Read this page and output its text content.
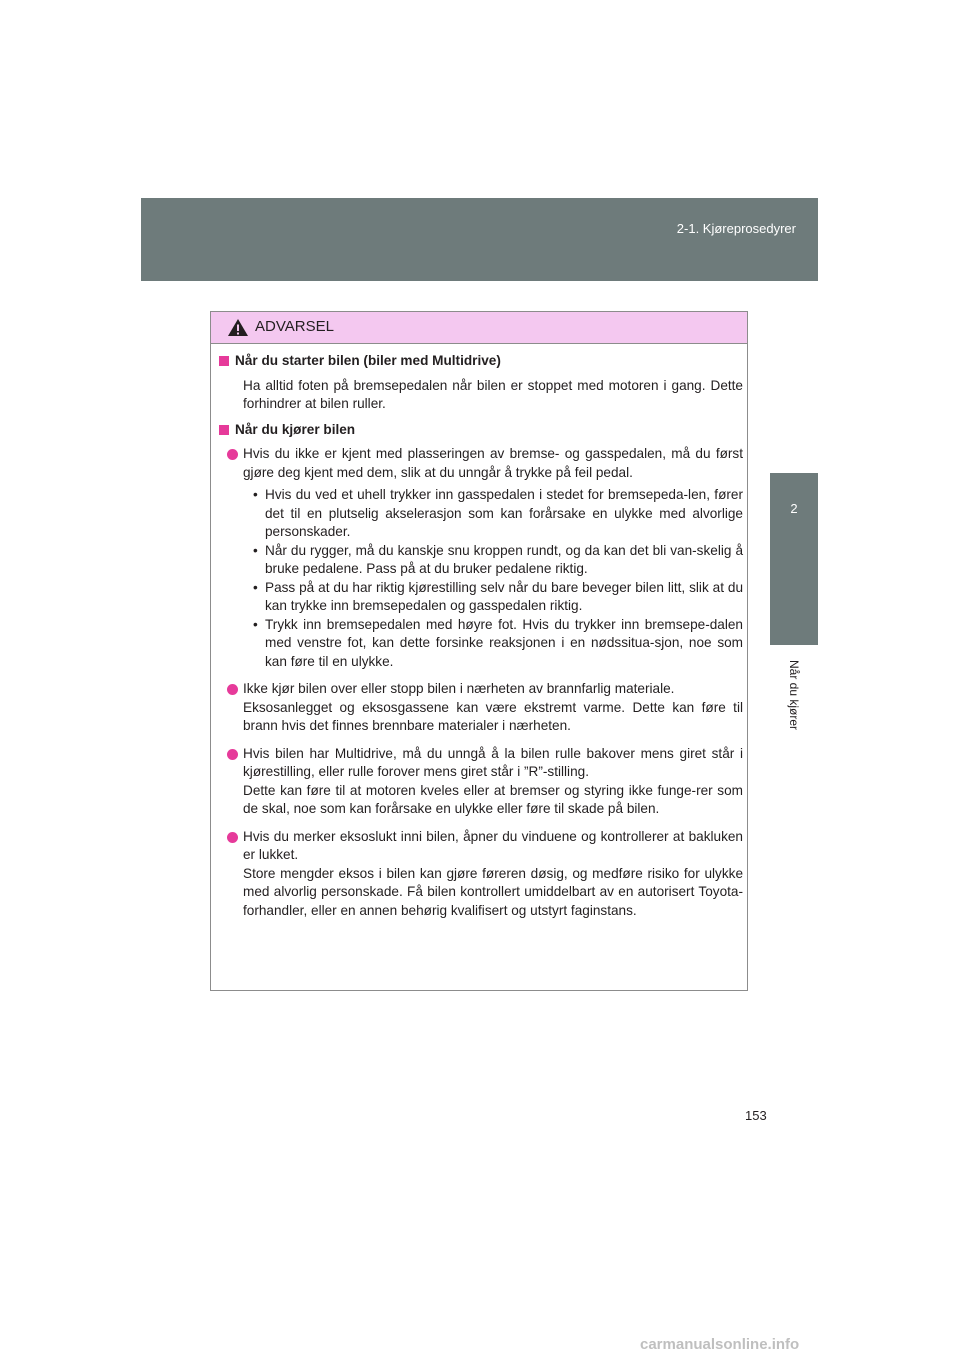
2-1. Kjøreprosedyrer
2
Når du kjører
ADVARSEL
Når du starter bilen (biler med Multidrive)
Ha alltid foten på bremsepedalen når bilen er stoppet med motoren i gang. Dette forhindrer at bilen ruller.
Når du kjører bilen
Hvis du ikke er kjent med plasseringen av bremse- og gasspedalen, må du først gjøre deg kjent med dem, slik at du unngår å trykke på feil pedal.
• Hvis du ved et uhell trykker inn gasspedalen i stedet for bremsepeda-len, fører det til en plutselig akselerasjon som kan forårsake en ulykke med alvorlige personskader.
• Når du rygger, må du kanskje snu kroppen rundt, og da kan det bli van-skelig å bruke pedalene. Pass på at du bruker pedalene riktig.
• Pass på at du har riktig kjørestilling selv når du bare beveger bilen litt, slik at du kan trykke inn bremsepedalen og gasspedalen riktig.
• Trykk inn bremsepedalen med høyre fot. Hvis du trykker inn bremsepe-dalen med venstre fot, kan dette forsinke reaksjonen i en nødssitua-sjon, noe som kan føre til en ulykke.
Ikke kjør bilen over eller stopp bilen i nærheten av brannfarlig materiale.
Eksosanlegget og eksosgassene kan være ekstremt varme. Dette kan føre til brann hvis det finnes brennbare materialer i nærheten.
Hvis bilen har Multidrive, må du unngå å la bilen rulle bakover mens giret står i kjørestilling, eller rulle forover mens giret står i ”R”-stilling.
Dette kan føre til at motoren kveles eller at bremser og styring ikke funge-rer som de skal, noe som kan forårsake en ulykke eller føre til skade på bilen.
Hvis du merker eksoslukt inni bilen, åpner du vinduene og kontrollerer at bakluken er lukket.
Store mengder eksos i bilen kan gjøre føreren døsig, og medføre risiko for ulykke med alvorlig personskade. Få bilen kontrollert umiddelbart av en autorisert Toyota-forhandler, eller en annen behørig kvalifisert og utstyrt faginstans.
153
carmanualsonline.info
